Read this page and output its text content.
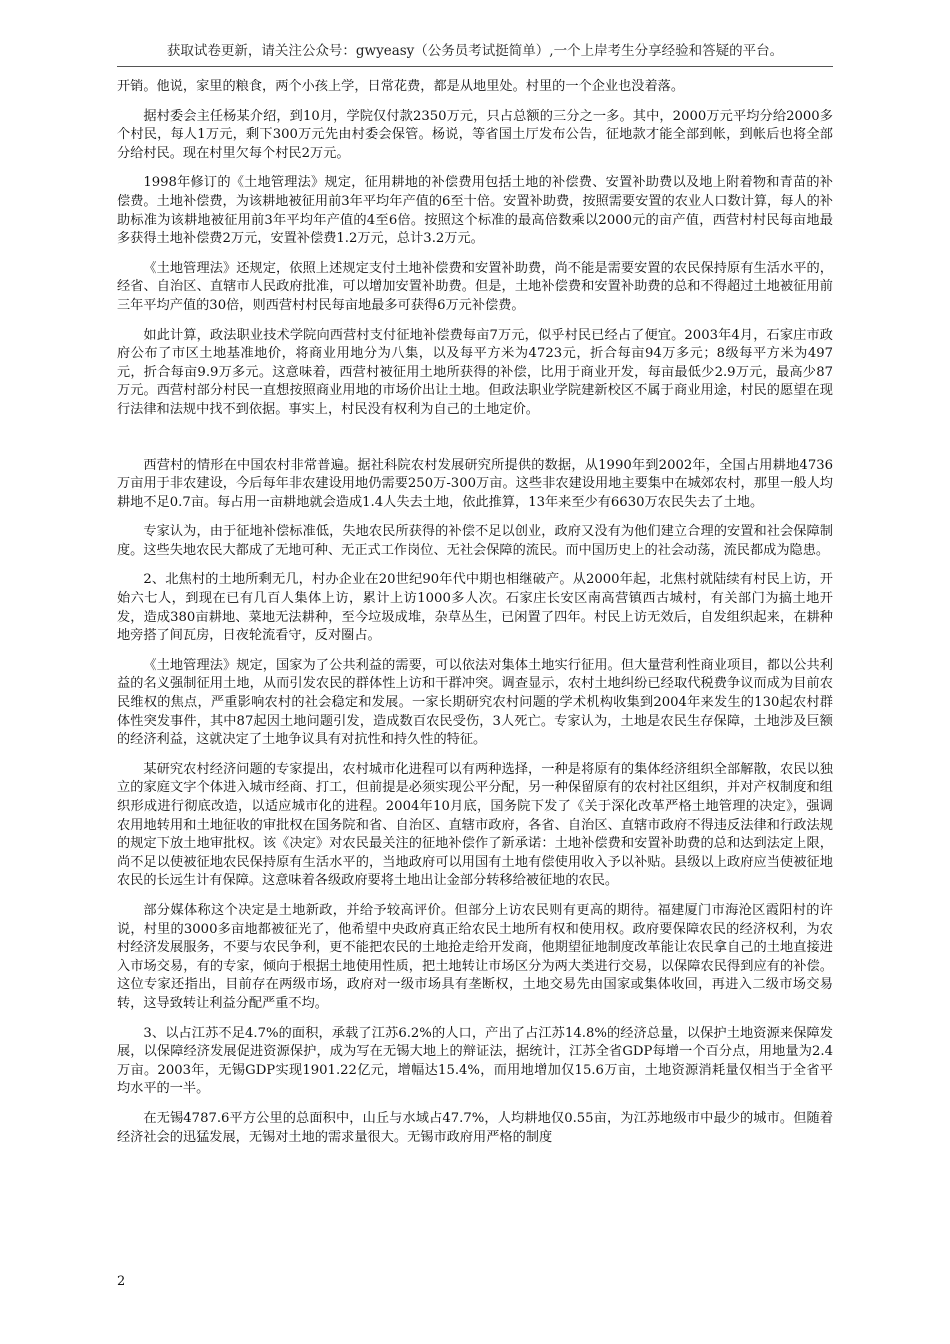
获取试卷更新，请关注公众号：gwyeasy（公务员考试挺简单）,一个上岸考生分享经验和答疑的平台。

开销。他说，家里的粮食，两个小孩上学，日常花费，都是从地里处。村里的一个企业也没着落。

据村委会主任杨某介绍，到10月，学院仅付款2350万元，只占总额的三分之一多。其中，2000万元平均分给2000多个村民，每人1万元，剩下300万元先由村委会保管。杨说，等省国土厅发布公告，征地款才能全部到帐，到帐后也将全部分给村民。现在村里欠每个村民2万元。

1998年修订的《土地管理法》规定，征用耕地的补偿费用包括土地的补偿费、安置补助费以及地上附着物和青苗的补偿费。土地补偿费，为该耕地被征用前3年平均年产值的6至十倍。安置补助费，按照需要安置的农业人口数计算，每人的补助标准为该耕地被征用前3年平均年产值的4至6倍。按照这个标准的最高倍数乘以2000元的亩产值，西营村村民每亩地最多获得土地补偿费2万元，安置补偿费1.2万元，总计3.2万元。

《土地管理法》还规定，依照上述规定支付土地补偿费和安置补助费，尚不能是需要安置的农民保持原有生活水平的，经省、自治区、直辖市人民政府批准，可以增加安置补助费。但是，土地补偿费和安置补助费的总和不得超过土地被征用前三年平均产值的30倍，则西营村村民每亩地最多可获得6万元补偿费。

如此计算，政法职业技术学院向西营村支付征地补偿费每亩7万元，似乎村民已经占了便宜。2003年4月，石家庄市政府公布了市区土地基准地价，将商业用地分为八集，以及每平方米为4723元，折合每亩94万多元；8级每平方米为497元，折合每亩9.9万多元。这意味着，西营村被征用土地所获得的补偿，比用于商业开发，每亩最低少2.9万元，最高少87万元。西营村部分村民一直想按照商业用地的市场价出让土地。但政法职业学院建新校区不属于商业用途，村民的愿望在现行法律和法规中找不到依据。事实上，村民没有权利为自己的土地定价。

西营村的情形在中国农村非常普遍。据社科院农村发展研究所提供的数据，从1990年到2002年，全国占用耕地4736万亩用于非农建设，今后每年非农建设用地仍需要250万-300万亩。这些非农建设用地主要集中在城郊农村，那里一般人均耕地不足0.7亩。每占用一亩耕地就会造成1.4人失去土地，依此推算，13年来至少有6630万农民失去了土地。

专家认为，由于征地补偿标准低，失地农民所获得的补偿不足以创业，政府又没有为他们建立合理的安置和社会保障制度。这些失地农民大都成了无地可种、无正式工作岗位、无社会保障的流民。而中国历史上的社会动荡，流民都成为隐患。

2、北焦村的土地所剩无几，村办企业在20世纪90年代中期也相继破产。从2000年起，北焦村就陆续有村民上访，开始六七人，到现在已有几百人集体上访，累计上访1000多人次。石家庄长安区南高营镇西古城村，有关部门为搞土地开发，造成380亩耕地、菜地无法耕种，至今垃圾成堆，杂草丛生，已闲置了四年。村民上访无效后，自发组织起来，在耕种地旁搭了间瓦房，日夜轮流看守，反对圈占。

《土地管理法》规定，国家为了公共利益的需要，可以依法对集体土地实行征用。但大量营利性商业项目，都以公共利益的名义强制征用土地，从而引发农民的群体性上访和干群冲突。调查显示，农村土地纠纷已经取代税费争议而成为目前农民维权的焦点，严重影响农村的社会稳定和发展。一家长期研究农村问题的学术机构收集到2004年来发生的130起农村群体性突发事件，其中87起因土地问题引发，造成数百农民受伤，3人死亡。专家认为，土地是农民生存保障，土地涉及巨额的经济利益，这就决定了土地争议具有对抗性和持久性的特征。

某研究农村经济问题的专家提出，农村城市化进程可以有两种选择，一种是将原有的集体经济组织全部解散，农民以独立的家庭文字个体进入城市经商、打工，但前提是必须实现公平分配，另一种保留原有的农村社区组织，并对产权制度和组织形成进行彻底改造，以适应城市化的进程。2004年10月底，国务院下发了《关于深化改革严格土地管理的决定》，强调农用地转用和土地征收的审批权在国务院和省、自治区、直辖市政府，各省、自治区、直辖市政府不得违反法律和行政法规的规定下放土地审批权。该《决定》对农民最关注的征地补偿作了新承诺：土地补偿费和安置补助费的总和达到法定上限，尚不足以使被征地农民保持原有生活水平的，当地政府可以用国有土地有偿使用收入予以补贴。县级以上政府应当使被征地农民的长远生计有保障。这意味着各级政府要将土地出让金部分转移给被征地的农民。

部分媒体称这个决定是土地新政，并给予较高评价。但部分上访农民则有更高的期待。福建厦门市海沧区霞阳村的许说，村里的3000多亩地都被征光了，他希望中央政府真正给农民土地所有权和使用权。政府要保障农民的经济权利，为农村经济发展服务，不要与农民争利，更不能把农民的土地抢走给开发商，他期望征地制度改革能让农民拿自己的土地直接进入市场交易，有的专家，倾向于根据土地使用性质，把土地转让市场区分为两大类进行交易，以保障农民得到应有的补偿。这位专家还指出，目前存在两级市场，政府对一级市场具有垄断权，土地交易先由国家或集体收回，再进入二级市场交易转，这导致转让利益分配严重不均。

3、以占江苏不足4.7%的面积，承载了江苏6.2%的人口，产出了占江苏14.8%的经济总量，以保护土地资源来保障发展，以保障经济发展促进资源保护，成为写在无锡大地上的辩证法，据统计，江苏全省GDP每增一个百分点，用地量为2.4万亩。2003年，无锡GDP实现1901.22亿元，增幅达15.4%，而用地增加仅15.6万亩，土地资源消耗量仅相当于全省平均水平的一半。

在无锡4787.6平方公里的总面积中，山丘与水域占47.7%，人均耕地仅0.55亩，为江苏地级市中最少的城市。但随着经济社会的迅猛发展，无锡对土地的需求量很大。无锡市政府用严格的制度

2
